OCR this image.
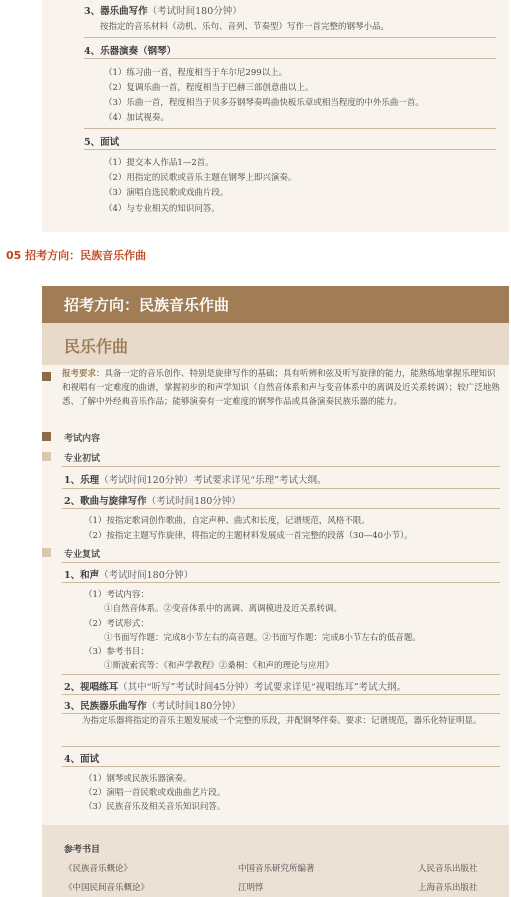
3、器乐曲写作（考试时间180分钟）
按指定的音乐材料（动机、乐句、音列、节奏型）写作一首完整的钢琴小品。
4、乐器演奏（钢琴）
（1）练习曲一首，程度相当于车尔尼299以上。
（2）复调乐曲一首，程度相当于巴赫三部创意曲以上。
（3）乐曲一首，程度相当于贝多芬钢琴奏鸣曲快板乐章或相当程度的中外乐曲一首。
（4）加试视奏。
5、面试
（1）提交本人作品1—2首。
（2）用指定的民歌或音乐主题在钢琴上即兴演奏。
（3）演唱自选民歌或戏曲片段。
（4）与专业相关的知识问答。
05 招考方向：民族音乐作曲
招考方向：民族音乐作曲
民乐作曲
报考要求：具备一定的音乐创作、特别是旋律写作的基础；具有听辨和弦及听写旋律的能力，能熟练地掌握乐理知识和视唱有一定难度的曲谱，掌握初步的和声学知识（自然音体系和声与变音体系中的离调及近关系转调）；较广泛地熟悉、了解中外经典音乐作品；能够演奏有一定难度的钢琴作品或具备演奏民族乐器的能力。
考试内容
专业初试
1、乐理（考试时间120分钟）考试要求详见“乐理”考试大纲。
2、歌曲与旋律写作（考试时间180分钟）
（1）按指定歌词创作歌曲，自定声种、曲式和长度，记谱规范，风格不限。
（2）按指定主题写作旋律，将指定的主题材料发展成一首完整的段落（30—40小节）。
专业复试
1、和声（考试时间180分钟）
（1）考试内容：
①自然音体系。②变音体系中的离调、离调模进及近关系转调。
（2）考试形式：
①书面写作题：完成8小节左右的高音题。②书面写作题：完成8小节左右的低音题。
（3）参考书目：
①斯波索宾等：《和声学教程》②桑桐：《和声的理论与应用》
2、视唱练耳（其中“听写”考试时间45分钟）考试要求详见“视唱练耳”考试大纲。
3、民族器乐曲写作（考试时间180分钟）
为指定乐器将指定的音乐主题发展成一个完整的乐段，并配钢琴伴奏。要求：记谱规范，器乐化特征明显。
4、面试
（1）钢琴或民族乐器演奏。
（2）演唱一首民歌或戏曲曲艺片段。
（3）民族音乐及相关音乐知识问答。
参考书目
《民族音乐概论》	中国音乐研究所编著	人民音乐出版社
《中国民间音乐概论》	江明惇	上海音乐出版社
